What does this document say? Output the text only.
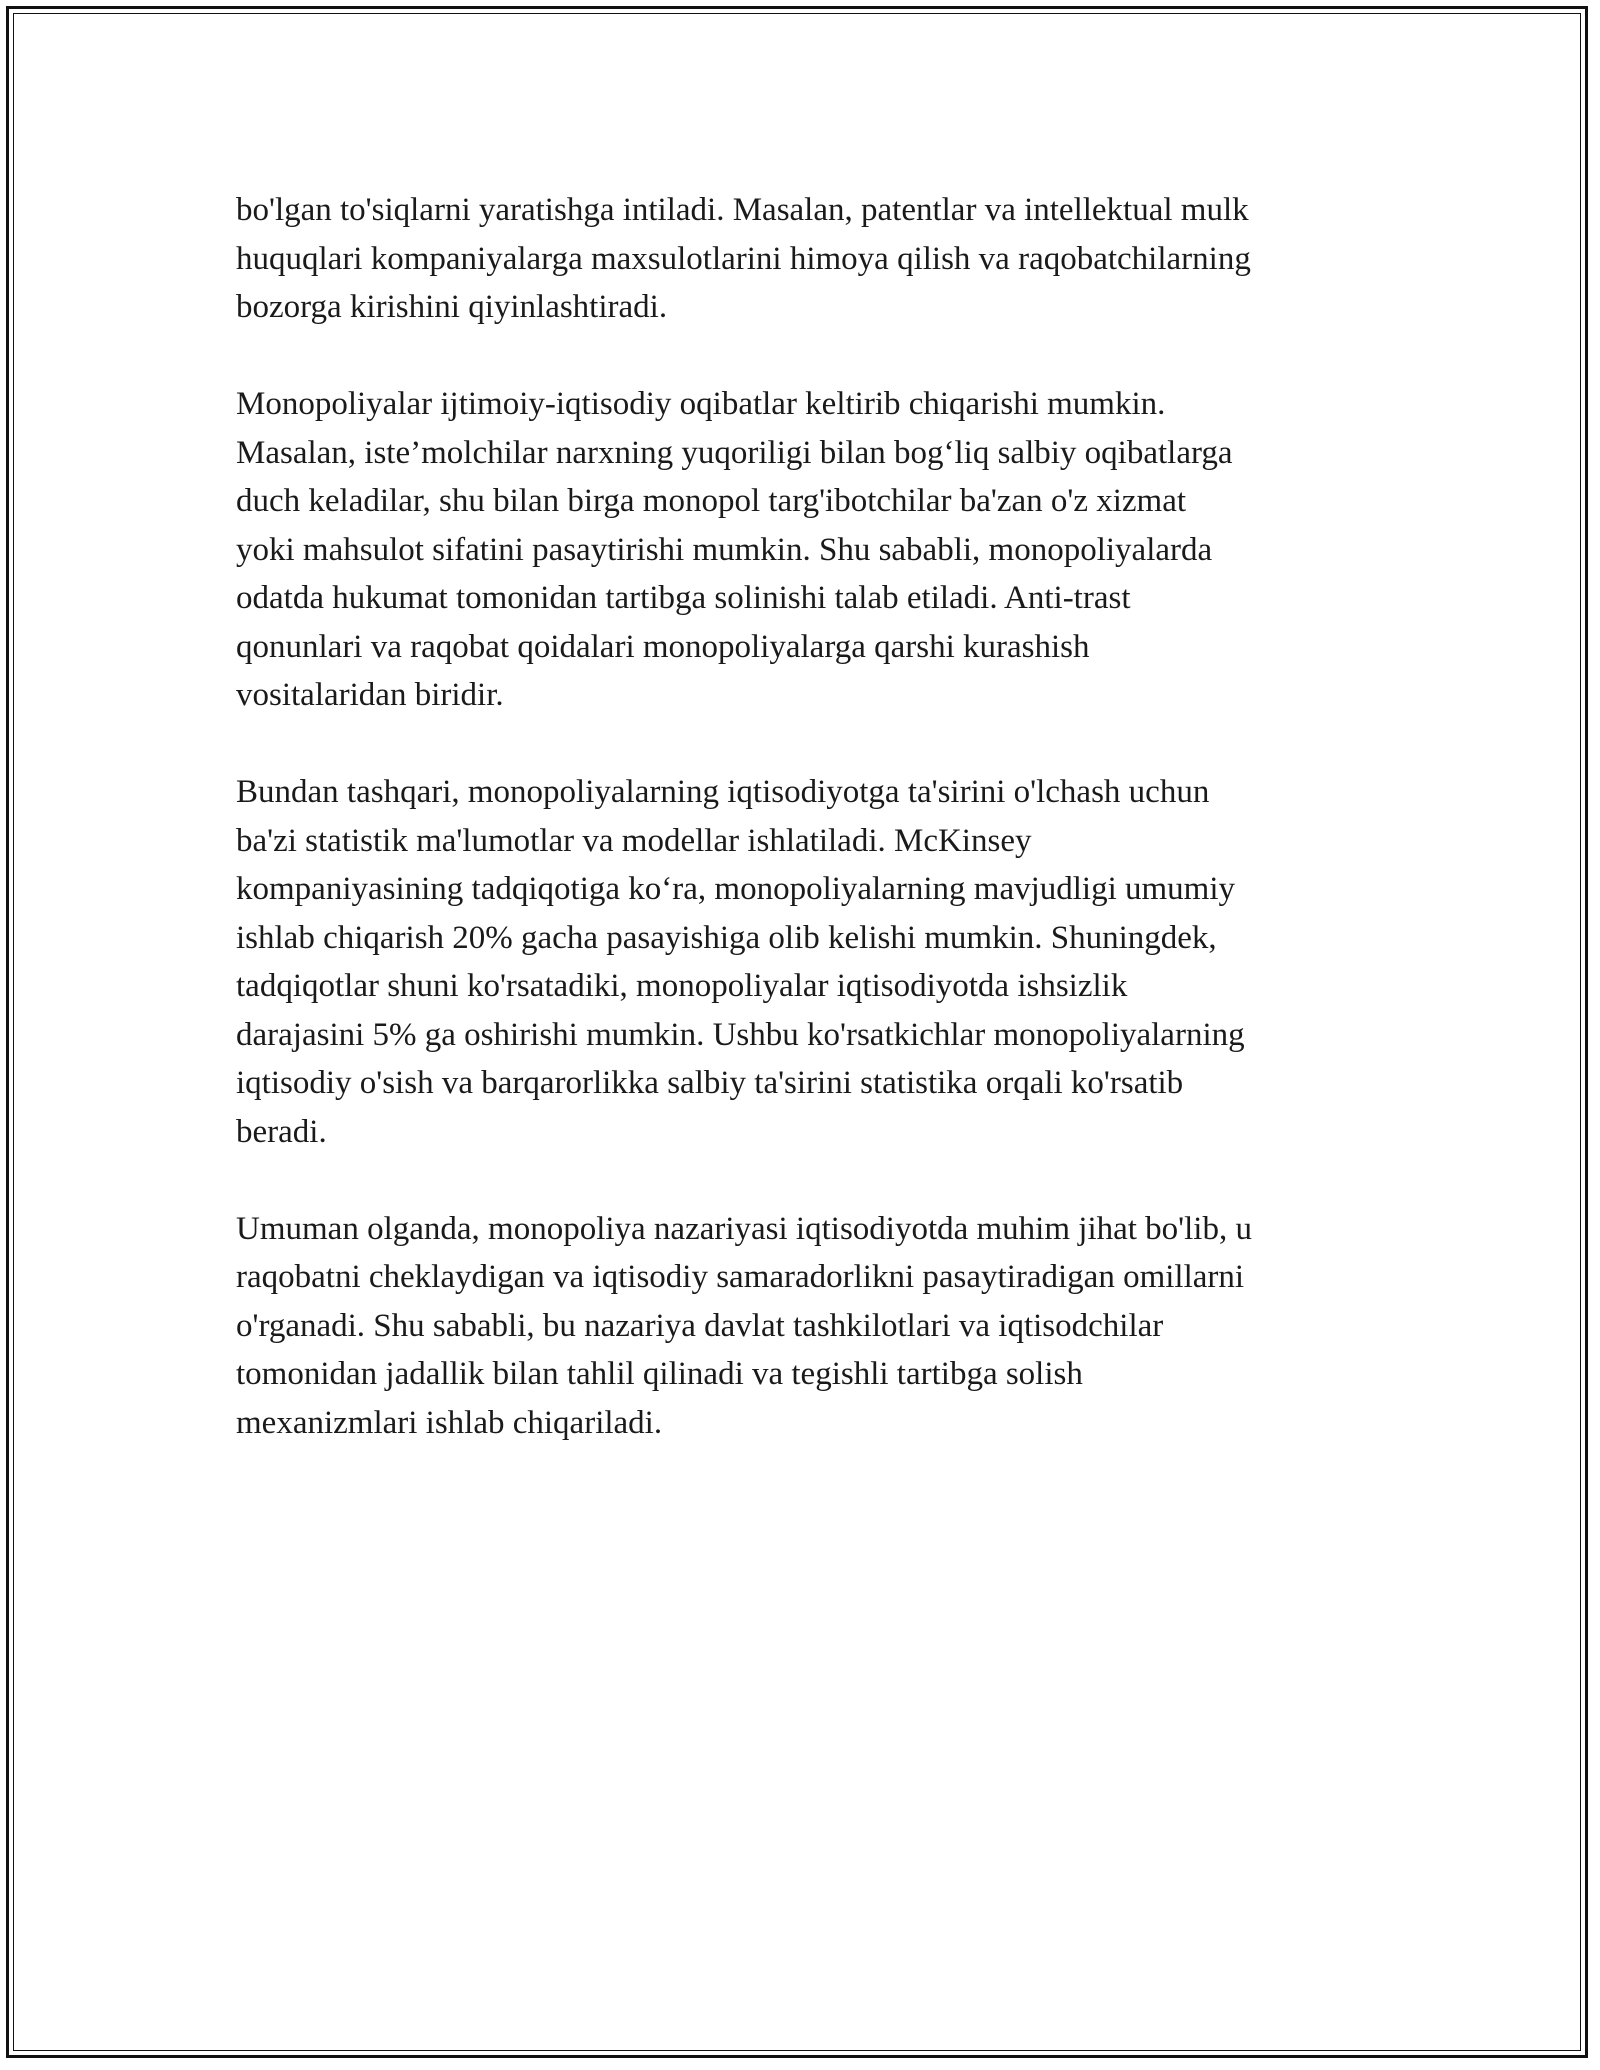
bo'lgan to'siqlarni yaratishga intiladi. Masalan, patentlar va intellektual mulk
huquqlari kompaniyalarga maxsulotlarini himoya qilish va raqobatchilarning
bozorga kirishini qiyinlashtiradi.

Monopoliyalar ijtimoiy-iqtisodiy oqibatlar keltirib chiqarishi mumkin.
Masalan, iste’molchilar narxning yuqoriligi bilan bog‘liq salbiy oqibatlarga
duch keladilar, shu bilan birga monopol targ'ibotchilar ba'zan o'z xizmat
yoki mahsulot sifatini pasaytirishi mumkin. Shu sababli, monopoliyalarda
odatda hukumat tomonidan tartibga solinishi talab etiladi. Anti-trast
qonunlari va raqobat qoidalari monopoliyalarga qarshi kurashish
vositalaridan biridir.

Bundan tashqari, monopoliyalarning iqtisodiyotga ta'sirini o'lchash uchun
ba'zi statistik ma'lumotlar va modellar ishlatiladi. McKinsey
kompaniyasining tadqiqotiga ko‘ra, monopoliyalarning mavjudligi umumiy
ishlab chiqarish 20% gacha pasayishiga olib kelishi mumkin. Shuningdek,
tadqiqotlar shuni ko'rsatadiki, monopoliyalar iqtisodiyotda ishsizlik
darajasini 5% ga oshirishi mumkin. Ushbu ko'rsatkichlar monopoliyalarning
iqtisodiy o'sish va barqarorlikka salbiy ta'sirini statistika orqali ko'rsatib
beradi.

Umuman olganda, monopoliya nazariyasi iqtisodiyotda muhim jihat bo'lib, u
raqobatni cheklaydigan va iqtisodiy samaradorlikni pasaytiradigan omillarni
o'rganadi. Shu sababli, bu nazariya davlat tashkilotlari va iqtisodchilar
tomonidan jadallik bilan tahlil qilinadi va tegishli tartibga solish
mexanizmlari ishlab chiqariladi.
